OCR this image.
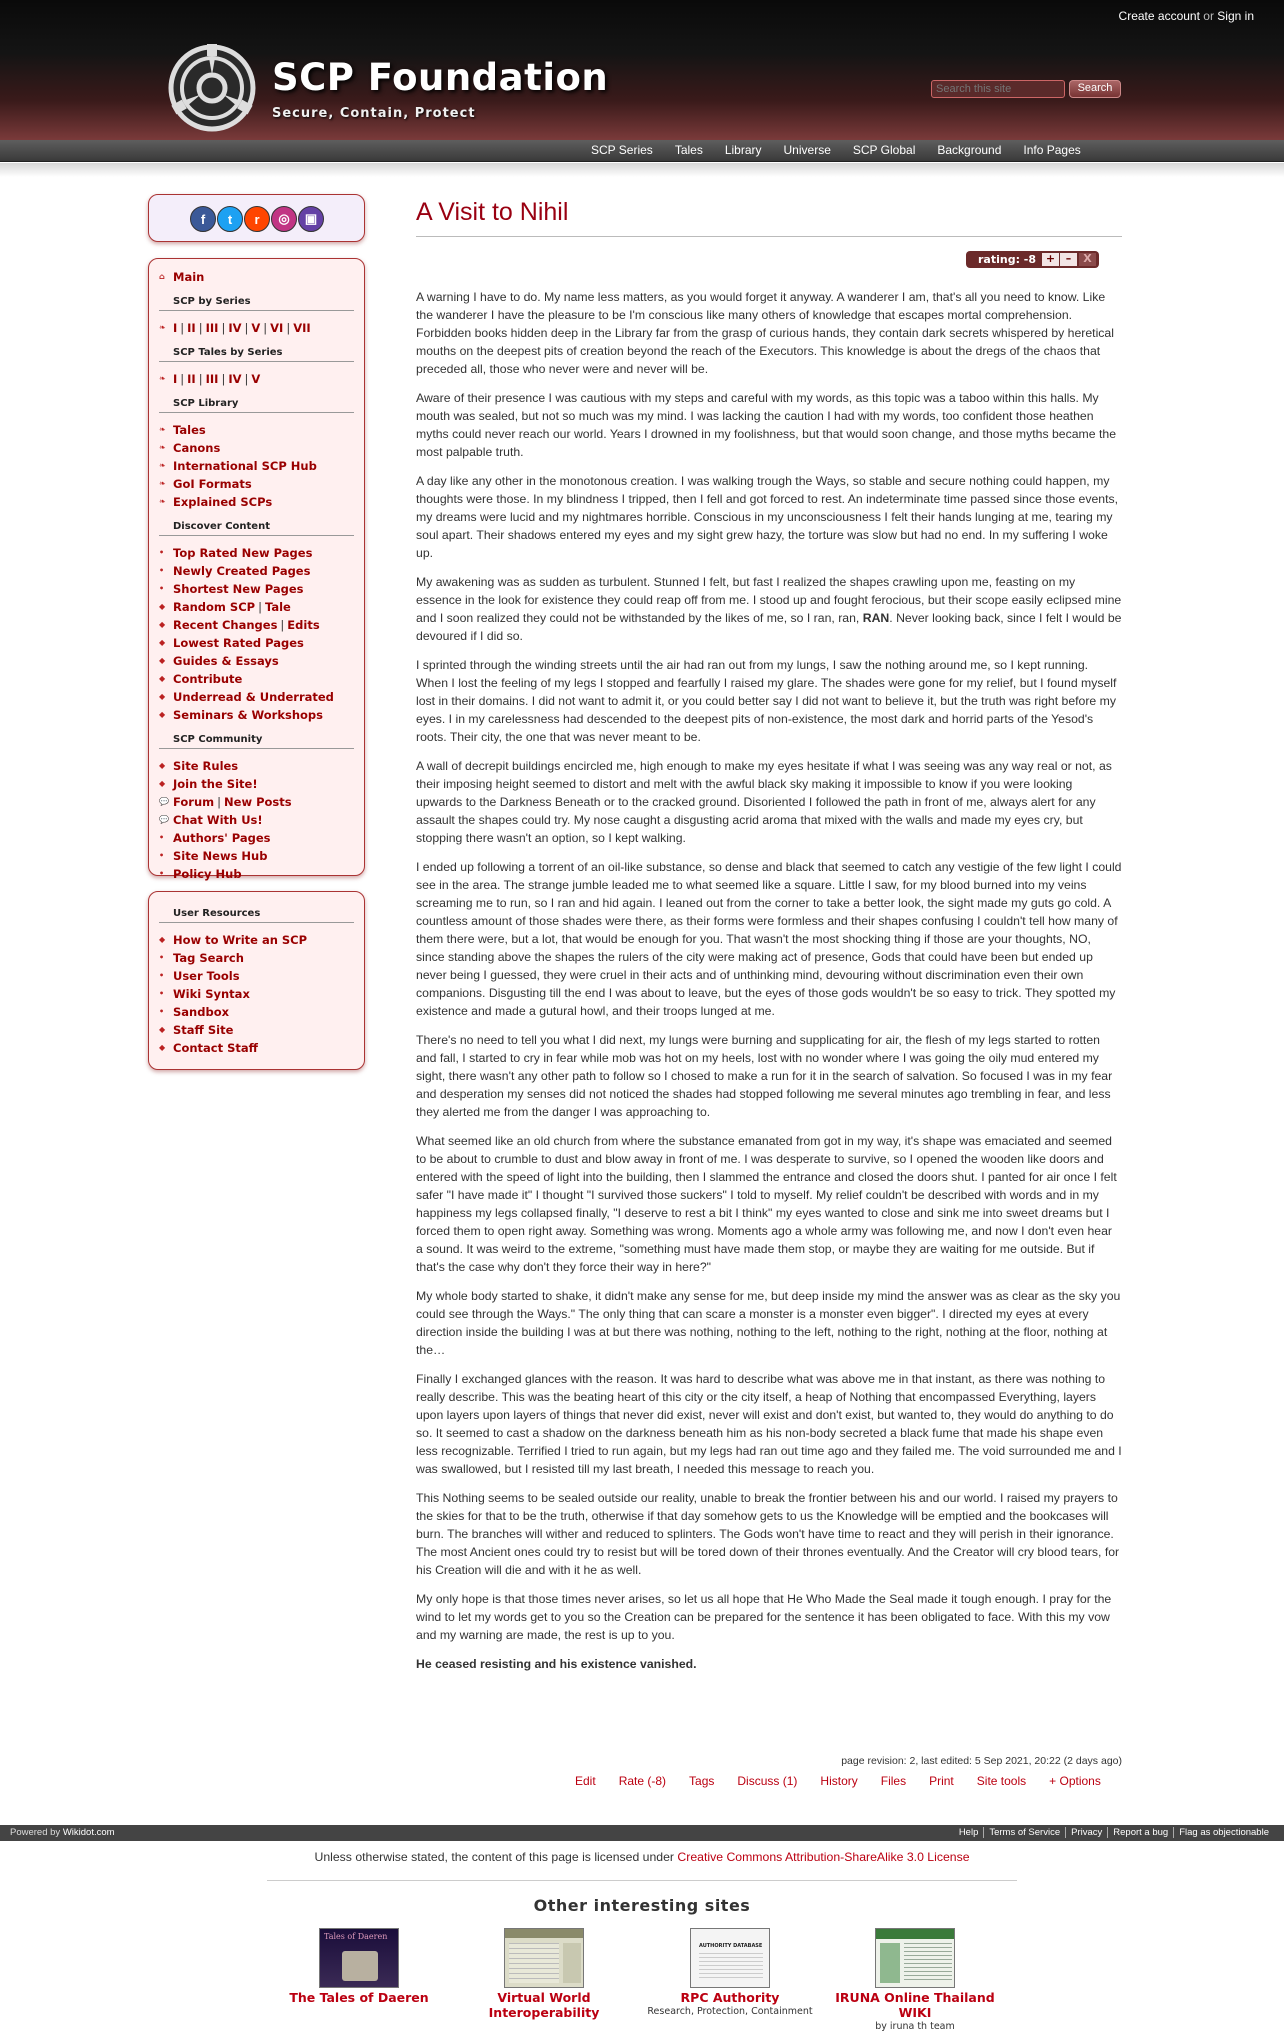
Create account or Sign in
SCP Foundation
Secure, Contain, Protect
Search this site
Search
SCP Series Tales Library Universe SCP Global Background Info Pages
f	t	r	◎	▣
⌂ Main
SCP by Series
❧ I | II | III | IV | V | VI | VII
SCP Tales by Series
❧ I | II | III | IV | V
SCP Library
❧ Tales
❧ Canons
❧ International SCP Hub
❧ GoI Formats
❧ Explained SCPs
Discover Content
• Top Rated New Pages
• Newly Created Pages
• Shortest New Pages
◆ Random SCP | Tale
◆ Recent Changes | Edits
◆ Lowest Rated Pages
◆ Guides & Essays
◆ Contribute
◆ Underread & Underrated
◆ Seminars & Workshops
SCP Community
◆ Site Rules
◆ Join the Site!
💬 Forum | New Posts
💬 Chat With Us!
• Authors' Pages
• Site News Hub
• Policy Hub
User Resources
◆ How to Write an SCP
• Tag Search
• User Tools
• Wiki Syntax
• Sandbox
◆ Staff Site
◆ Contact Staff
A Visit to Nihil
rating: -8 + –	X

A warning I have to do. My name less matters, as you would forget it anyway. A wanderer I am, that's all you need to know. Like the wanderer I have the pleasure to be I'm conscious like many others of knowledge that escapes mortal comprehension. Forbidden books hidden deep in the Library far from the grasp of curious hands, they contain dark secrets whispered by heretical mouths on the deepest pits of creation beyond the reach of the Executors. This knowledge is about the dregs of the chaos that preceded all, those who never were and never will be.

Aware of their presence I was cautious with my steps and careful with my words, as this topic was a taboo within this halls. My mouth was sealed, but not so much was my mind. I was lacking the caution I had with my words, too confident those heathen myths could never reach our world. Years I drowned in my foolishness, but that would soon change, and those myths became the most palpable truth.

A day like any other in the monotonous creation. I was walking trough the Ways, so stable and secure nothing could happen, my thoughts were those. In my blindness I tripped, then I fell and got forced to rest. An indeterminate time passed since those events, my dreams were lucid and my nightmares horrible. Conscious in my unconsciousness I felt their hands lunging at me, tearing my soul apart. Their shadows entered my eyes and my sight grew hazy, the torture was slow but had no end. In my suffering I woke up.

My awakening was as sudden as turbulent. Stunned I felt, but fast I realized the shapes crawling upon me, feasting on my essence in the look for existence they could reap off from me. I stood up and fought ferocious, but their scope easily eclipsed mine and I soon realized they could not be withstanded by the likes of me, so I ran, ran, RAN. Never looking back, since I felt I would be devoured if I did so.

I sprinted through the winding streets until the air had ran out from my lungs, I saw the nothing around me, so I kept running. When I lost the feeling of my legs I stopped and fearfully I raised my glare. The shades were gone for my relief, but I found myself lost in their domains. I did not want to admit it, or you could better say I did not want to believe it, but the truth was right before my eyes. I in my carelessness had descended to the deepest pits of non-existence, the most dark and horrid parts of the Yesod's roots. Their city, the one that was never meant to be.

A wall of decrepit buildings encircled me, high enough to make my eyes hesitate if what I was seeing was any way real or not, as their imposing height seemed to distort and melt with the awful black sky making it impossible to know if you were looking upwards to the Darkness Beneath or to the cracked ground. Disoriented I followed the path in front of me, always alert for any assault the shapes could try. My nose caught a disgusting acrid aroma that mixed with the walls and made my eyes cry, but stopping there wasn't an option, so I kept walking.

I ended up following a torrent of an oil-like substance, so dense and black that seemed to catch any vestigie of the few light I could see in the area. The strange jumble leaded me to what seemed like a square. Little I saw, for my blood burned into my veins screaming me to run, so I ran and hid again. I leaned out from the corner to take a better look, the sight made my guts go cold. A countless amount of those shades were there, as their forms were formless and their shapes confusing I couldn't tell how many of them there were, but a lot, that would be enough for you. That wasn't the most shocking thing if those are your thoughts, NO, since standing above the shapes the rulers of the city were making act of presence, Gods that could have been but ended up never being I guessed, they were cruel in their acts and of unthinking mind, devouring without discrimination even their own companions. Disgusting till the end I was about to leave, but the eyes of those gods wouldn't be so easy to trick. They spotted my existence and made a gutural howl, and their troops lunged at me.

There's no need to tell you what I did next, my lungs were burning and supplicating for air, the flesh of my legs started to rotten and fall, I started to cry in fear while mob was hot on my heels, lost with no wonder where I was going the oily mud entered my sight, there wasn't any other path to follow so I chosed to make a run for it in the search of salvation. So focused I was in my fear and desperation my senses did not noticed the shades had stopped following me several minutes ago trembling in fear, and less they alerted me from the danger I was approaching to.

What seemed like an old church from where the substance emanated from got in my way, it's shape was emaciated and seemed to be about to crumble to dust and blow away in front of me. I was desperate to survive, so I opened the wooden like doors and entered with the speed of light into the building, then I slammed the entrance and closed the doors shut. I panted for air once I felt safer "I have made it" I thought "I survived those suckers" I told to myself. My relief couldn't be described with words and in my happiness my legs collapsed finally, "I deserve to rest a bit I think" my eyes wanted to close and sink me into sweet dreams but I forced them to open right away. Something was wrong. Moments ago a whole army was following me, and now I don't even hear a sound. It was weird to the extreme, "something must have made them stop, or maybe they are waiting for me outside. But if that's the case why don't they force their way in here?"

My whole body started to shake, it didn't make any sense for me, but deep inside my mind the answer was as clear as the sky you could see through the Ways." The only thing that can scare a monster is a monster even bigger". I directed my eyes at every direction inside the building I was at but there was nothing, nothing to the left, nothing to the right, nothing at the floor, nothing at the…

Finally I exchanged glances with the reason. It was hard to describe what was above me in that instant, as there was nothing to really describe. This was the beating heart of this city or the city itself, a heap of Nothing that encompassed Everything, layers upon layers upon layers of things that never did exist, never will exist and don't exist, but wanted to, they would do anything to do so. It seemed to cast a shadow on the darkness beneath him as his non-body secreted a black fume that made his shape even less recognizable. Terrified I tried to run again, but my legs had ran out time ago and they failed me. The void surrounded me and I was swallowed, but I resisted till my last breath, I needed this message to reach you.

This Nothing seems to be sealed outside our reality, unable to break the frontier between his and our world. I raised my prayers to the skies for that to be the truth, otherwise if that day somehow gets to us the Knowledge will be emptied and the bookcases will burn. The branches will wither and reduced to splinters. The Gods won't have time to react and they will perish in their ignorance. The most Ancient ones could try to resist but will be tored down of their thrones eventually. And the Creator will cry blood tears, for his Creation will die and with it he as well.

My only hope is that those times never arises, so let us all hope that He Who Made the Seal made it tough enough. I pray for the wind to let my words get to you so the Creation can be prepared for the sentence it has been obligated to face. With this my vow and my warning are made, the rest is up to you.

He ceased resisting and his existence vanished.

page revision: 2, last edited: 5 Sep 2021, 20:22 (2 days ago)
Edit Rate (-8) Tags Discuss (1) History Files Print Site tools + Options
Powered by Wikidot.com	Help	Terms of Service	Privacy	Report a bug	Flag as objectionable
Unless otherwise stated, the content of this page is licensed under Creative Commons Attribution-ShareAlike 3.0 License
Other interesting sites
Tales of Daeren
The Tales of Daeren	Virtual World Interoperability
AUTHORITY DATABASE
RPC Authority
Research, Protection, Containment
IRUNA Online Thailand WIKI
by iruna th team
